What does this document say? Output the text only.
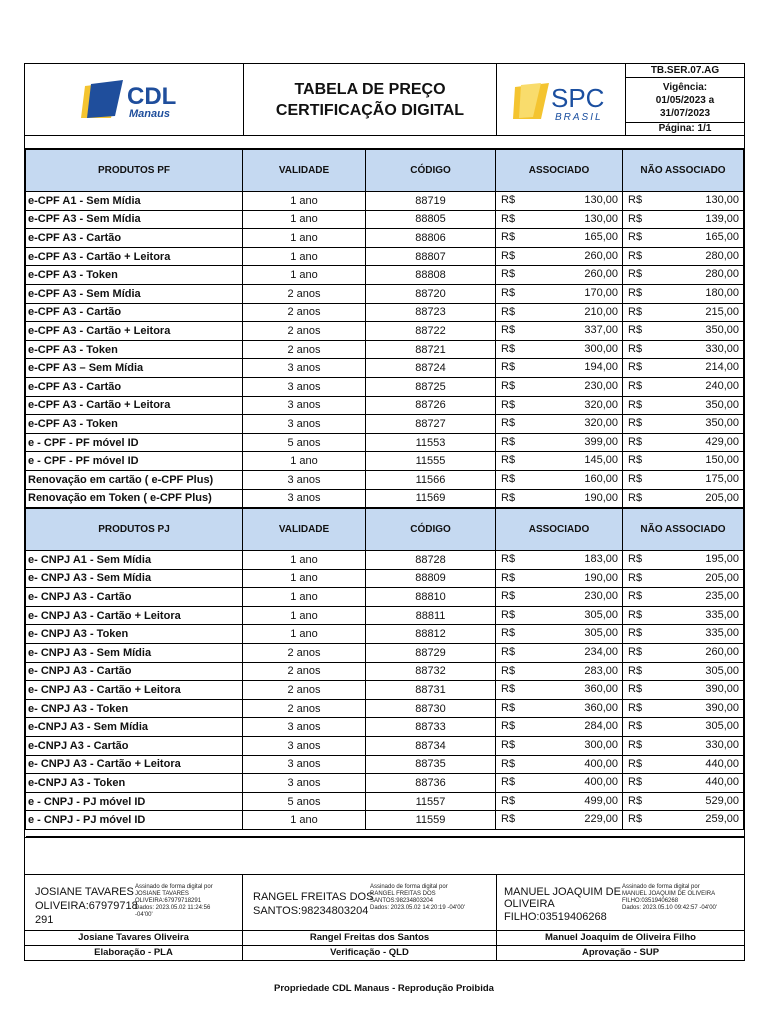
CDL
Manaus
TABELA DE PREÇO
CERTIFICAÇÃO DIGITAL	SPC
BRASIL
TB.SER.07.AG
Vigência:
01/05/2023 a
31/07/2023
Página: 1/1
PRODUTOS PF	VALIDADE	CÓDIGO	ASSOCIADO	NÃO ASSOCIADO
e-CPF A1 - Sem Mídia	1 ano	88719	R$ 130,00	R$ 130,00

e-CPF A3 - Sem Mídia	1 ano	88805	R$ 130,00	R$ 139,00

e-CPF A3 - Cartão	1 ano	88806	R$ 165,00	R$ 165,00

e-CPF A3 - Cartão + Leitora	1 ano	88807	R$ 260,00	R$ 280,00

e-CPF A3 - Token	1 ano	88808	R$ 260,00	R$ 280,00

e-CPF A3 - Sem Mídia	2 anos	88720	R$ 170,00	R$ 180,00

e-CPF A3 - Cartão	2 anos	88723	R$ 210,00	R$ 215,00

e-CPF A3 - Cartão + Leitora	2 anos	88722	R$ 337,00	R$ 350,00

e-CPF A3 - Token	2 anos	88721	R$ 300,00	R$ 330,00

e-CPF A3 – Sem Mídia	3 anos	88724	R$ 194,00	R$ 214,00

e-CPF A3 - Cartão	3 anos	88725	R$ 230,00	R$ 240,00

e-CPF A3 - Cartão + Leitora	3 anos	88726	R$ 320,00	R$ 350,00

e-CPF A3 - Token	3 anos	88727	R$ 320,00	R$ 350,00

e - CPF - PF móvel ID	5 anos	11553	R$ 399,00	R$ 429,00

e - CPF - PF móvel ID	1 ano	11555	R$ 145,00	R$ 150,00

Renovação em cartão ( e-CPF Plus)	3 anos	11566	R$ 160,00	R$ 175,00

Renovação em Token ( e-CPF Plus)	3 anos	11569	R$ 190,00	R$ 205,00
PRODUTOS PJ	VALIDADE	CÓDIGO	ASSOCIADO	NÃO ASSOCIADO
e- CNPJ A1 - Sem Mídia	1 ano	88728	R$ 183,00	R$ 195,00

e- CNPJ A3 - Sem Mídia	1 ano	88809	R$ 190,00	R$ 205,00

e- CNPJ A3 - Cartão	1 ano	88810	R$ 230,00	R$ 235,00

e- CNPJ A3 - Cartão + Leitora	1 ano	88811	R$ 305,00	R$ 335,00

e- CNPJ A3 - Token	1 ano	88812	R$ 305,00	R$ 335,00

e- CNPJ A3 - Sem Mídia	2 anos	88729	R$ 234,00	R$ 260,00

e- CNPJ A3 - Cartão	2 anos	88732	R$ 283,00	R$ 305,00

e- CNPJ A3 - Cartão + Leitora	2 anos	88731	R$ 360,00	R$ 390,00

e- CNPJ A3 - Token	2 anos	88730	R$ 360,00	R$ 390,00

e-CNPJ A3 - Sem Mídia	3 anos	88733	R$ 284,00	R$ 305,00

e-CNPJ A3 - Cartão	3 anos	88734	R$ 300,00	R$ 330,00

e- CNPJ A3 - Cartão + Leitora	3 anos	88735	R$ 400,00	R$ 440,00

e-CNPJ A3 - Token	3 anos	88736	R$ 400,00	R$ 440,00

e - CNPJ - PJ móvel ID	5 anos	11557	R$ 499,00	R$ 529,00

e - CNPJ - PJ móvel ID	1 ano	11559	R$ 229,00	R$ 259,00

JOSIANE TAVARES
OLIVEIRA:67979718
291
Assinado de forma digital por
JOSIANE TAVARES
OLIVEIRA:67979718291
Dados: 2023.05.02 11:24:56
-04'00'
RANGEL FREITAS DOS
SANTOS:98234803204
Assinado de forma digital por
RANGEL FREITAS DOS
SANTOS:98234803204
Dados: 2023.05.02 14:20:19 -04'00'
MANUEL JOAQUIM DE
OLIVEIRA
FILHO:03519406268
Assinado de forma digital por
MANUEL JOAQUIM DE OLIVEIRA
FILHO:03519406268
Dados: 2023.05.10 09:42:57 -04'00'
Josiane Tavares Oliveira	Rangel Freitas dos Santos	Manuel Joaquim de Oliveira Filho
Elaboração - PLA	Verificação - QLD	Aprovação - SUP
Propriedade CDL Manaus - Reprodução Proibida
